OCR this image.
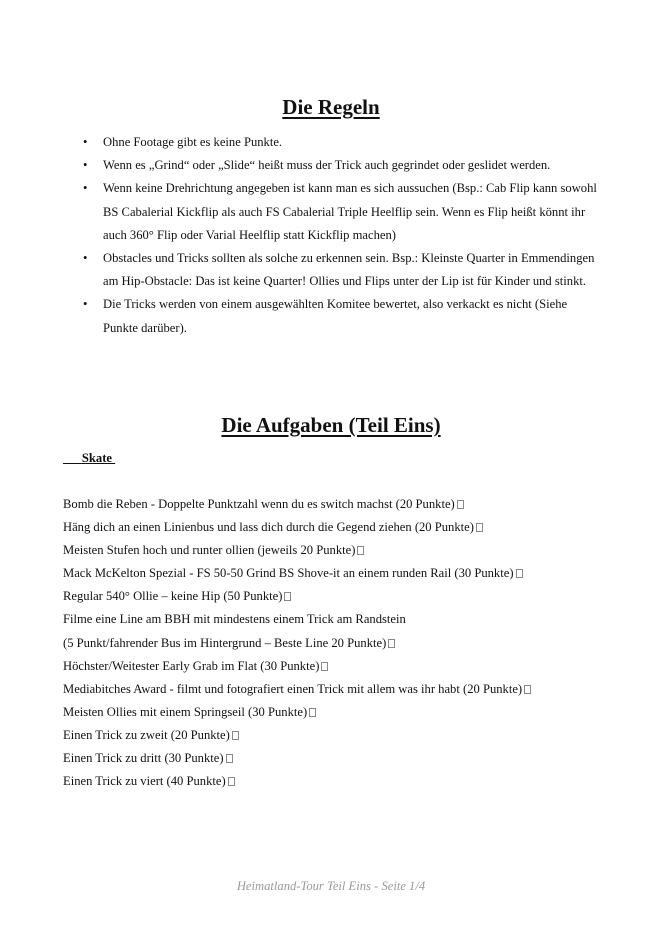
Die Regeln
• Ohne Footage gibt es keine Punkte.
• Wenn es „Grind“ oder „Slide“ heißt muss der Trick auch gegrindet oder geslidet werden.
• Wenn keine Drehrichtung angegeben ist kann man es sich aussuchen (Bsp.: Cab Flip kann sowohl BS Cabalerial Kickflip als auch FS Cabalerial Triple Heelflip sein. Wenn es Flip heißt könnt ihr auch 360° Flip oder Varial Heelflip statt Kickflip machen)
• Obstacles und Tricks sollten als solche zu erkennen sein. Bsp.: Kleinste Quarter in Emmendingen am Hip-Obstacle: Das ist keine Quarter! Ollies und Flips unter der Lip ist für Kinder und stinkt.
• Die Tricks werden von einem ausgewählten Komitee bewertet, also verkackt es nicht (Siehe Punkte darüber).
Die Aufgaben (Teil Eins)
Skate
Bomb die Reben - Doppelte Punktzahl wenn du es switch machst (20 Punkte)
Häng dich an einen Linienbus und lass dich durch die Gegend ziehen (20 Punkte)
Meisten Stufen hoch und runter ollien (jeweils 20 Punkte)
Mack McKelton Spezial - FS 50-50 Grind BS Shove-it an einem runden Rail (30 Punkte)
Regular 540° Ollie – keine Hip (50 Punkte)
Filme eine Line am BBH mit mindestens einem Trick am Randstein
(5 Punkt/fahrender Bus im Hintergrund – Beste Line 20 Punkte)
Höchster/Weitester Early Grab im Flat (30 Punkte)
Mediabitches Award - filmt und fotografiert einen Trick mit allem was ihr habt (20 Punkte)
Meisten Ollies mit einem Springseil (30 Punkte)
Einen Trick zu zweit (20 Punkte)
Einen Trick zu dritt (30 Punkte)
Einen Trick zu viert (40 Punkte)
Heimatland-Tour Teil Eins - Seite 1/4
